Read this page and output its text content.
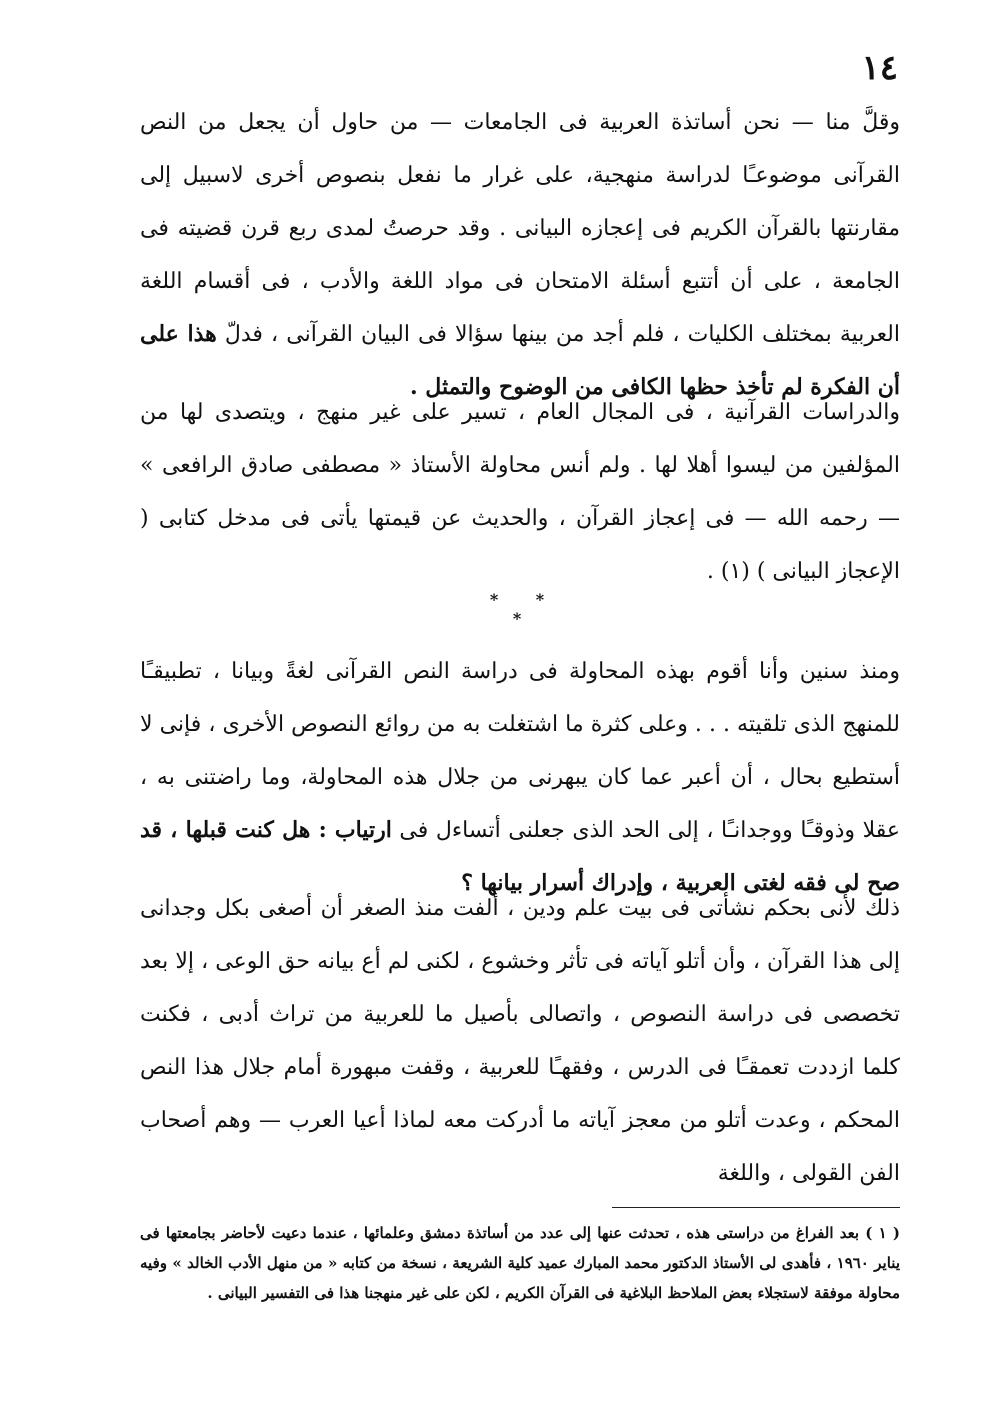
١٤

وقلَّ منا — نحن أساتذة العربية فى الجامعات — من حاول أن يجعل من النص القرآنى موضوعـًا لدراسة منهجية، على غرار ما نفعل بنصوص أخرى لاسبيل إلى مقارنتها بالقرآن الكريم فى إعجازه البيانى . وقد حرصتُ لمدى ربع قرن قضيته فى الجامعة ، على أن أتتبع أسئلة الامتحان فى مواد اللغة والأدب ، فى أقسام اللغة العربية بمختلف الكليات ، فلم أجد من بينها سؤالا فى البيان القرآنى ، فدلّ هذا على أن الفكرة لم تأخذ حظها الكافى من الوضوح والتمثل .

والدراسات القرآنية ، فى المجال العام ، تسير على غير منهج ، ويتصدى لها من المؤلفين من ليسوا أهلا لها . ولم أنس محاولة الأستاذ « مصطفى صادق الرافعى » — رحمه الله — فى إعجاز القرآن ، والحديث عن قيمتها يأتى فى مدخل كتابى ( الإعجاز البيانى ) (١) .

* * *

ومنذ سنين وأنا أقوم بهذه المحاولة فى دراسة النص القرآنى لغةً وبيانا ، تطبيقـًا للمنهج الذى تلقيته . . . وعلى كثرة ما اشتغلت به من روائع النصوص الأخرى ، فإنى لا أستطيع بحال ، أن أعبر عما كان يبهرنى من جلال هذه المحاولة، وما راضتنى به ، عقلا وذوقـًا ووجدانـًا ، إلى الحد الذى جعلنى أتساءل فى ارتياب : هل كنت قبلها ، قد صح لى فقه لغتى العربية ، وإدراك أسرار بيانها ؟

ذلك لأنى بحكم نشأتى فى بيت علم ودين ، ألفت منذ الصغر أن أصغى بكل وجدانى إلى هذا القرآن ، وأن أتلو آياته فى تأثر وخشوع ، لكنى لم أع بيانه حق الوعى ، إلا بعد تخصصى فى دراسة النصوص ، واتصالى بأصيل ما للعربية من تراث أدبى ، فكنت كلما ازددت تعمقـًا فى الدرس ، وفقهـًا للعربية ، وقفت مبهورة أمام جلال هذا النص المحكم ، وعدت أتلو من معجز آياته ما أدركت معه لماذا أعيا العرب — وهم أصحاب الفن القولى ، واللغة

( ١ ) بعد الفراغ من دراستى هذه ، تحدثت عنها إلى عدد من أساتذة دمشق وعلمائها ، عندما دعيت لأحاضر بجامعتها فى يناير ١٩٦٠ ، فأهدى لى الأستاذ الدكتور محمد المبارك عميد كلية الشريعة ، نسخة من كتابه « من منهل الأدب الخالد » وفيه محاولة موفقة لاستجلاء بعض الملاحظ البلاغية فى القرآن الكريم ، لكن على غير منهجنا هذا فى التفسير البيانى .
